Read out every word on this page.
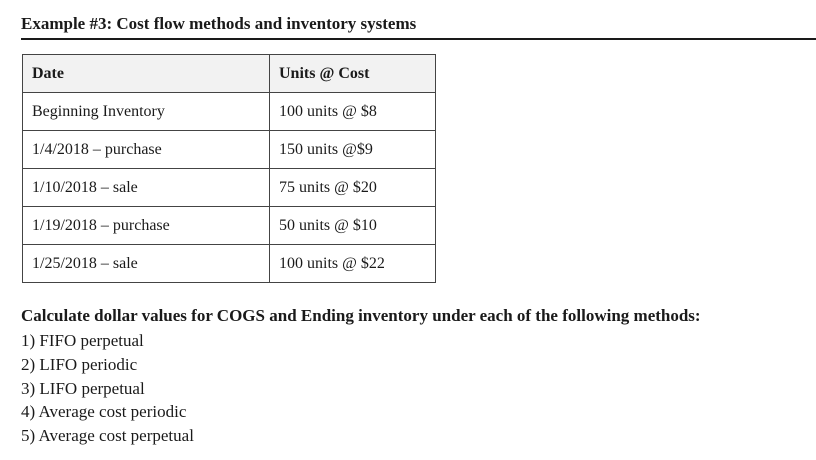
Example #3: Cost flow methods and inventory systems
Date	Units @ Cost
Beginning Inventory	100 units @ $8
1/4/2018 – purchase	150 units @$9
1/10/2018 – sale	75 units @ $20
1/19/2018 – purchase	50 units @ $10
1/25/2018 – sale	100 units @ $22
Calculate dollar values for COGS and Ending inventory under each of the following methods:
1) FIFO perpetual
2) LIFO periodic
3) LIFO perpetual
4) Average cost periodic
5) Average cost perpetual
